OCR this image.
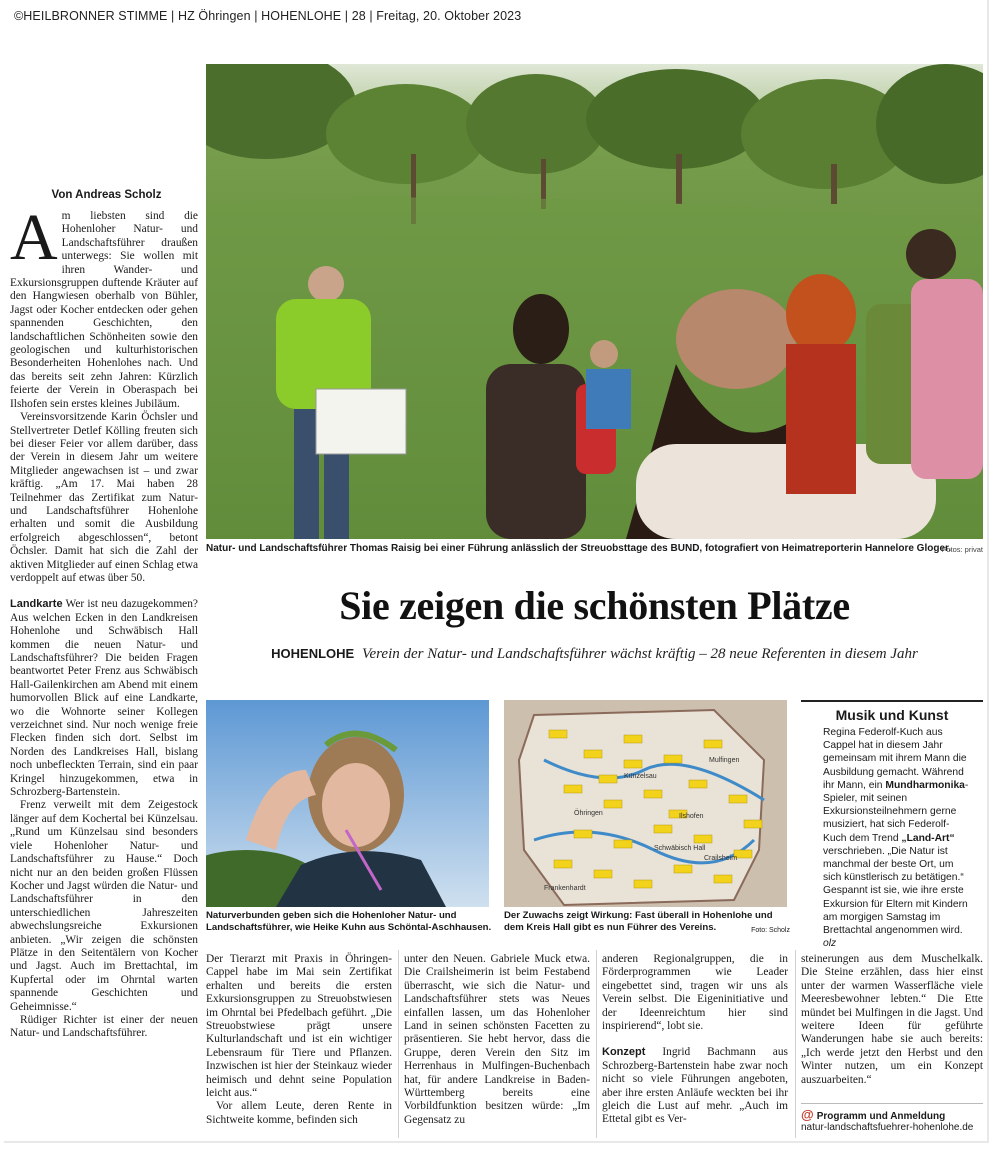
©HEILBRONNER STIMME | HZ Öhringen | HOHENLOHE | 28 | Freitag, 20. Oktober 2023
Natur- und Landschaftsführer Thomas Raisig bei einer Führung anlässlich der Streuobsttage des BUND, fotografiert von Heimatreporterin Hannelore Gloger.
Fotos: privat
Von Andreas Scholz

Am liebsten sind die Hohenloher Natur- und Landschaftsführer draußen unterwegs: Sie wollen mit ihren Wander- und Exkursionsgruppen duftende Kräuter auf den Hangwiesen oberhalb von Bühler, Jagst oder Kocher entdecken oder gehen spannenden Geschichten, den landschaftlichen Schönheiten sowie den geologischen und kulturhistorischen Besonderheiten Hohenlohes nach. Und das bereits seit zehn Jahren: Kürzlich feierte der Verein in Oberaspach bei Ilshofen sein erstes kleines Jubiläum.

Vereinsvorsitzende Karin Öchsler und Stellvertreter Detlef Kölling freuten sich bei dieser Feier vor allem darüber, dass der Verein in diesem Jahr um weitere Mitglieder angewachsen ist – und zwar kräftig. „Am 17. Mai haben 28 Teilnehmer das Zertifikat zum Natur- und Landschaftsführer Hohenlohe erhalten und somit die Ausbildung erfolgreich abgeschlossen“, betont Öchsler. Damit hat sich die Zahl der aktiven Mitglieder auf einen Schlag etwa verdoppelt auf etwas über 50.

Landkarte Wer ist neu dazugekommen? Aus welchen Ecken in den Landkreisen Hohenlohe und Schwäbisch Hall kommen die neuen Natur- und Landschaftsführer? Die beiden Fragen beantwortet Peter Frenz aus Schwäbisch Hall-Gailenkirchen am Abend mit einem humorvollen Blick auf eine Landkarte, wo die Wohnorte seiner Kollegen verzeichnet sind. Nur noch wenige freie Flecken finden sich dort. Selbst im Norden des Landkreises Hall, bislang noch unbefleckten Terrain, sind ein paar Kringel hinzugekommen, etwa in Schrozberg-Bartenstein.

Frenz verweilt mit dem Zeigestock länger auf dem Kochertal bei Künzelsau. „Rund um Künzelsau sind besonders viele Hohenloher Natur- und Landschaftsführer zu Hause.“ Doch nicht nur an den beiden großen Flüssen Kocher und Jagst würden die Natur- und Landschaftsführer in den unterschiedlichen Jahreszeiten abwechslungsreiche Exkursionen anbieten. „Wir zeigen die schönsten Plätze in den Seitentälern von Kocher und Jagst. Auch im Brettachtal, im Kupfertal oder im Ohrntal warten spannende Geschichten und Geheimnisse.“

Rüdiger Richter ist einer der neuen Natur- und Landschaftsführer.

Sie zeigen die schönsten Plätze
HOHENLOHE Verein der Natur- und Landschaftsführer wächst kräftig – 28 neue Referenten in diesem Jahr
Naturverbunden geben sich die Hohenloher Natur- und Landschaftsführer, wie Heike Kuhn aus Schöntal-Aschhausen.
Künzelsau
Öhringen
Schwäbisch Hall
Crailsheim
Ilshofen
Mulfingen
Frankenhardt
Der Zuwachs zeigt Wirkung: Fast überall in Hohenlohe und dem Kreis Hall gibt es nun Führer des Vereins.	Foto: Scholz
Musik und Kunst
Regina Federolf-Kuch aus Cappel hat in diesem Jahr gemeinsam mit ihrem Mann die Ausbildung gemacht. Während ihr Mann, ein Mundharmonika-Spieler, mit seinen Exkursionsteilnehmern gerne musiziert, hat sich Federolf-Kuch dem Trend „Land-Art“ verschrieben. „Die Natur ist manchmal der beste Ort, um sich künstlerisch zu betätigen.“ Gespannt ist sie, wie ihre erste Exkursion für Eltern mit Kindern am morgigen Samstag im Brettachtal angenommen wird. olz

Der Tierarzt mit Praxis in Öhringen-Cappel habe im Mai sein Zertifikat erhalten und bereits die ersten Exkursionsgruppen zu Streuobstwiesen im Ohrntal bei Pfedelbach geführt. „Die Streuobstwiese prägt unsere Kulturlandschaft und ist ein wichtiger Lebensraum für Tiere und Pflanzen. Inzwischen ist hier der Steinkauz wieder heimisch und dehnt seine Population leicht aus.“

Vor allem Leute, deren Rente in Sichtweite komme, befinden sich

unter den Neuen. Gabriele Muck etwa. Die Crailsheimerin ist beim Festabend überrascht, wie sich die Natur- und Landschaftsführer stets was Neues einfallen lassen, um das Hohenloher Land in seinen schönsten Facetten zu präsentieren. Sie hebt hervor, dass die Gruppe, deren Verein den Sitz im Herrenhaus in Mulfingen-Buchenbach hat, für andere Landkreise in Baden-Württemberg bereits eine Vorbildfunktion besitzen würde: „Im Gegensatz zu

anderen Regionalgruppen, die in Förderprogrammen wie Leader eingebettet sind, tragen wir uns als Verein selbst. Die Eigeninitiative und der Ideenreichtum hier sind inspirierend“, lobt sie.

Konzept Ingrid Bachmann aus Schrozberg-Bartenstein habe zwar noch nicht so viele Führungen angeboten, aber ihre ersten Anläufe weckten bei ihr gleich die Lust auf mehr. „Auch im Ettetal gibt es Ver-

steinerungen aus dem Muschelkalk. Die Steine erzählen, dass hier einst unter der warmen Wasserfläche viele Meeresbewohner lebten.“ Die Ette mündet bei Mulfingen in die Jagst. Und weitere Ideen für geführte Wanderungen habe sie auch bereits: „Ich werde jetzt den Herbst und den Winter nutzen, um ein Konzept auszuarbeiten.“

@ Programm und Anmeldung
natur-landschaftsfuehrer-hohenlohe.de
